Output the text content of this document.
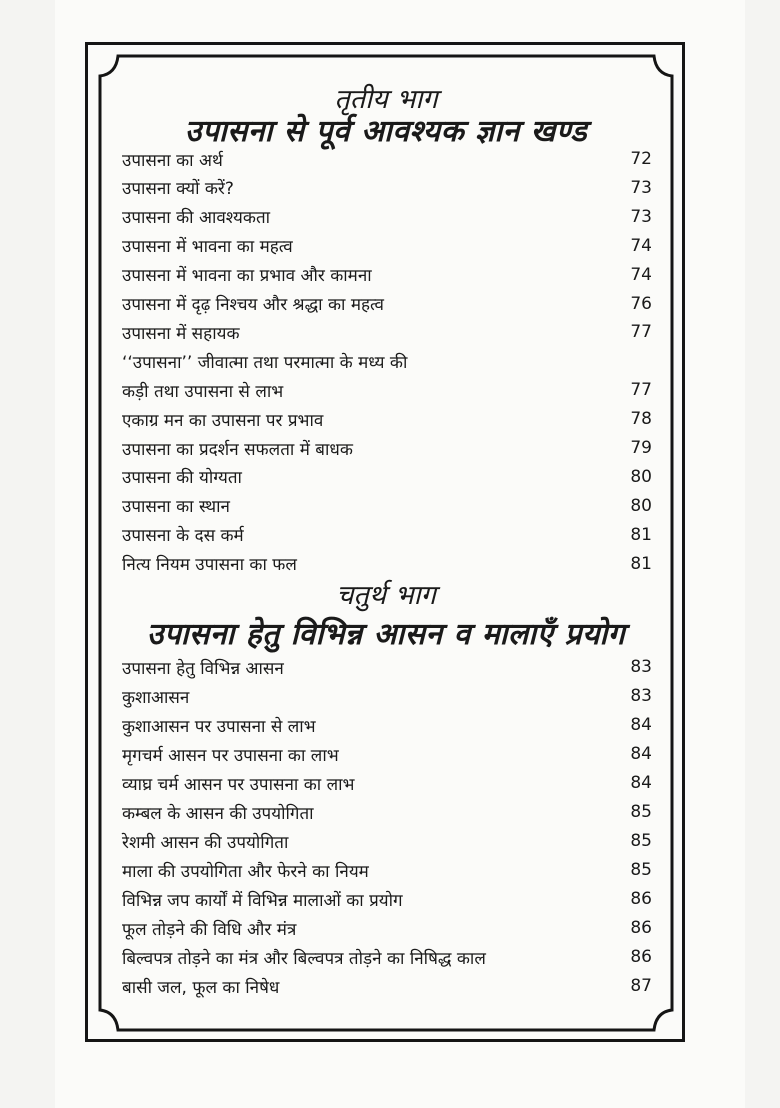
तृतीय भाग
उपासना से पूर्व आवश्यक ज्ञान खण्ड
उपासना का अर्थ	72
उपासना क्यों करें?	73
उपासना की आवश्यकता	73
उपासना में भावना का महत्व	74
उपासना में भावना का प्रभाव और कामना	74
उपासना में दृढ़ निश्चय और श्रद्धा का महत्व	76
उपासना में सहायक	77
‘‘उपासना’’ जीवात्मा तथा परमात्मा के मध्य की
कड़ी तथा उपासना से लाभ	77
एकाग्र मन का उपासना पर प्रभाव	78
उपासना का प्रदर्शन सफलता में बाधक	79
उपासना की योग्यता	80
उपासना का स्थान	80
उपासना के दस कर्म	81
नित्य नियम उपासना का फल	81
चतुर्थ भाग
उपासना हेतु विभिन्न आसन व मालाएँ प्रयोग
उपासना हेतु विभिन्न आसन	83
कुशाआसन	83
कुशाआसन पर उपासना से लाभ	84
मृगचर्म आसन पर उपासना का लाभ	84
व्याघ्र चर्म आसन पर उपासना का लाभ	84
कम्बल के आसन की उपयोगिता	85
रेशमी आसन की उपयोगिता	85
माला की उपयोगिता और फेरने का नियम	85
विभिन्न जप कार्यों में विभिन्न मालाओं का प्रयोग	86
फूल तोड़ने की विधि और मंत्र	86
बिल्वपत्र तोड़ने का मंत्र और बिल्वपत्र तोड़ने का निषिद्ध काल	86
बासी जल, फूल का निषेध	87
